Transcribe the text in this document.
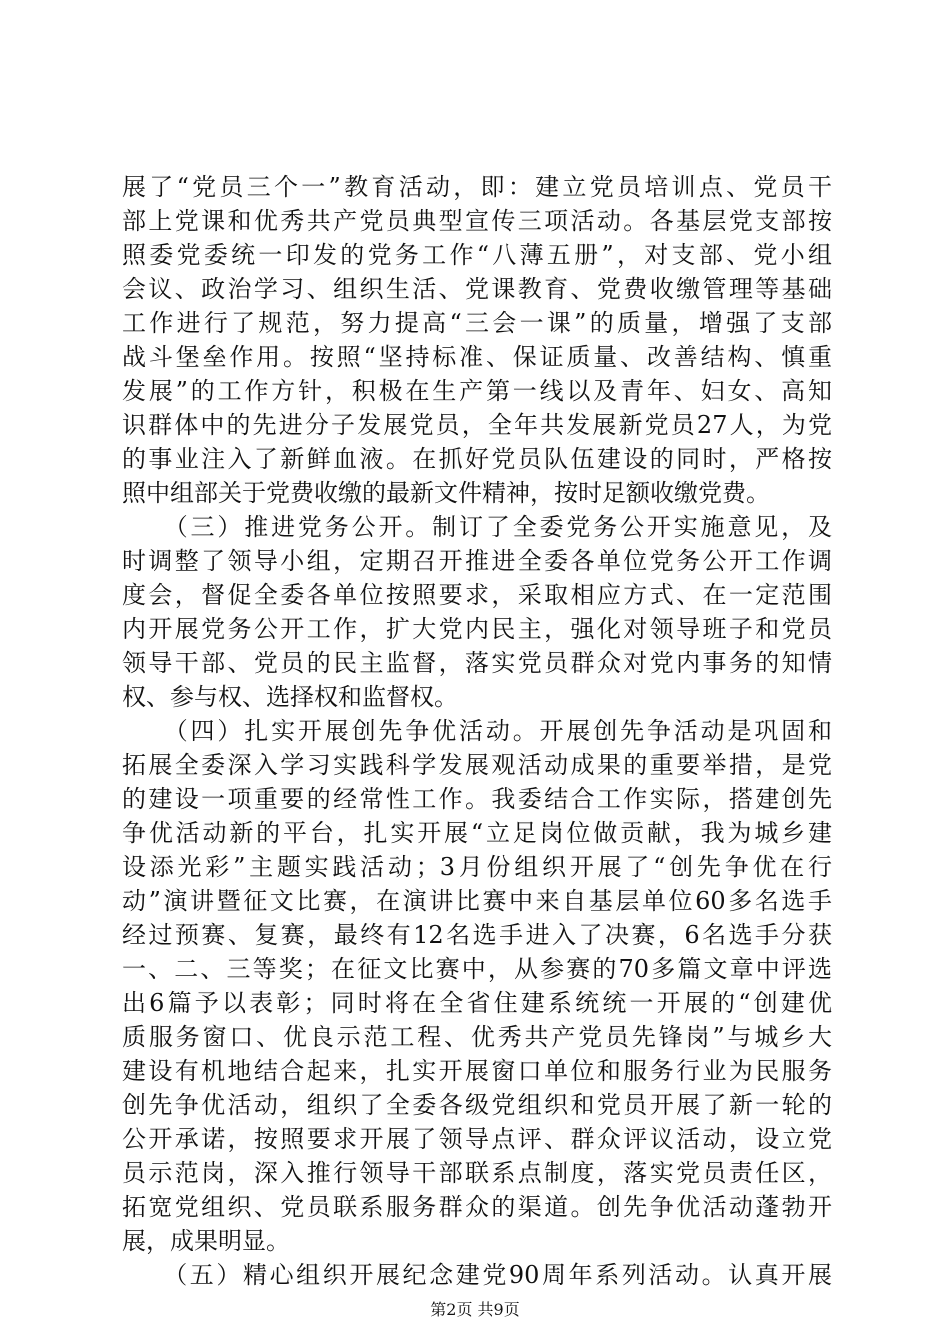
展了“党员三个一”教育活动，即：建立党员培训点、党员干
部上党课和优秀共产党员典型宣传三项活动。各基层党支部按
照委党委统一印发的党务工作“八薄五册”，对支部、党小组
会议、政治学习、组织生活、党课教育、党费收缴管理等基础
工作进行了规范，努力提高“三会一课”的质量，增强了支部
战斗堡垒作用。按照“坚持标准、保证质量、改善结构、慎重
发展”的工作方针，积极在生产第一线以及青年、妇女、高知
识群体中的先进分子发展党员，全年共发展新党员27人，为党
的事业注入了新鲜血液。在抓好党员队伍建设的同时，严格按
照中组部关于党费收缴的最新文件精神，按时足额收缴党费。
　　（三）推进党务公开。制订了全委党务公开实施意见，及
时调整了领导小组，定期召开推进全委各单位党务公开工作调
度会，督促全委各单位按照要求，采取相应方式、在一定范围
内开展党务公开工作，扩大党内民主，强化对领导班子和党员
领导干部、党员的民主监督，落实党员群众对党内事务的知情
权、参与权、选择权和监督权。
　　（四）扎实开展创先争优活动。开展创先争活动是巩固和
拓展全委深入学习实践科学发展观活动成果的重要举措，是党
的建设一项重要的经常性工作。我委结合工作实际，搭建创先
争优活动新的平台，扎实开展“立足岗位做贡献，我为城乡建
设添光彩”主题实践活动；3月份组织开展了“创先争优在行
动”演讲暨征文比赛，在演讲比赛中来自基层单位60多名选手
经过预赛、复赛，最终有12名选手进入了决赛，6名选手分获
一、二、三等奖；在征文比赛中，从参赛的70多篇文章中评选
出6篇予以表彰；同时将在全省住建系统统一开展的“创建优
质服务窗口、优良示范工程、优秀共产党员先锋岗”与城乡大
建设有机地结合起来，扎实开展窗口单位和服务行业为民服务
创先争优活动，组织了全委各级党组织和党员开展了新一轮的
公开承诺，按照要求开展了领导点评、群众评议活动，设立党
员示范岗，深入推行领导干部联系点制度，落实党员责任区，
拓宽党组织、党员联系服务群众的渠道。创先争优活动蓬勃开
展，成果明显。
第2页 共9页
　　（五）精心组织开展纪念建党90周年系列活动。认真开展
